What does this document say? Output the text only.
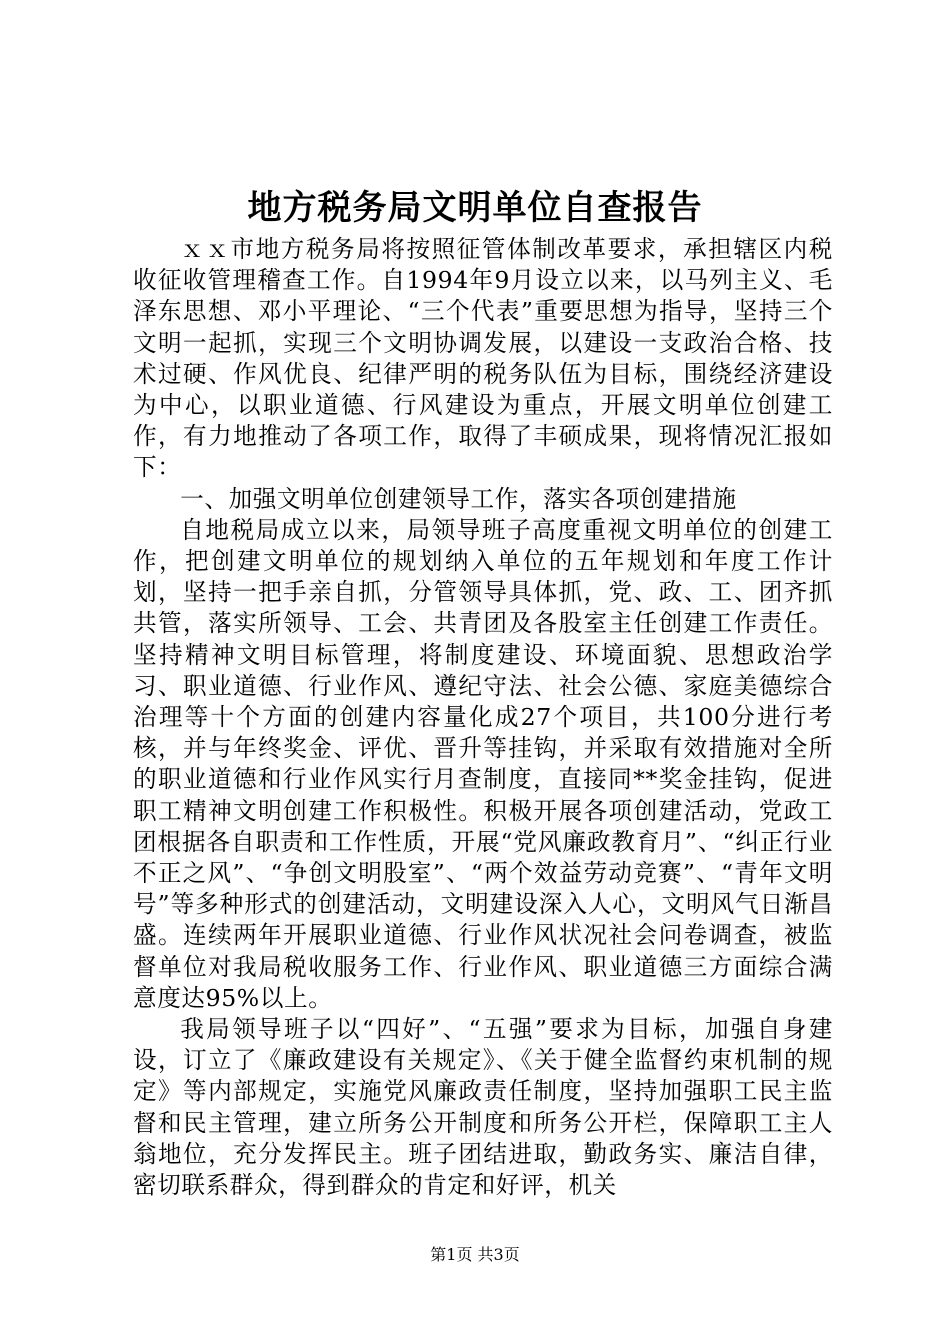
地方税务局文明单位自查报告

ｘｘ市地方税务局将按照征管体制改革要求，承担辖区内税收征收管理稽查工作。自1994年9月设立以来，以马列主义、毛泽东思想、邓小平理论、“三个代表”重要思想为指导，坚持三个文明一起抓，实现三个文明协调发展，以建设一支政治合格、技术过硬、作风优良、纪律严明的税务队伍为目标，围绕经济建设为中心，以职业道德、行风建设为重点，开展文明单位创建工作，有力地推动了各项工作，取得了丰硕成果，现将情况汇报如下：

一、加强文明单位创建领导工作，落实各项创建措施

自地税局成立以来，局领导班子高度重视文明单位的创建工作，把创建文明单位的规划纳入单位的五年规划和年度工作计划，坚持一把手亲自抓，分管领导具体抓，党、政、工、团齐抓共管，落实所领导、工会、共青团及各股室主任创建工作责任。坚持精神文明目标管理，将制度建设、环境面貌、思想政治学习、职业道德、行业作风、遵纪守法、社会公德、家庭美德综合治理等十个方面的创建内容量化成27个项目，共100分进行考核，并与年终奖金、评优、晋升等挂钩，并采取有效措施对全所的职业道德和行业作风实行月查制度，直接同**奖金挂钩，促进职工精神文明创建工作积极性。积极开展各项创建活动，党政工团根据各自职责和工作性质，开展“党风廉政教育月”、“纠正行业不正之风”、“争创文明股室”、“两个效益劳动竞赛”、“青年文明号”等多种形式的创建活动，文明建设深入人心，文明风气日渐昌盛。连续两年开展职业道德、行业作风状况社会问卷调查，被监督单位对我局税收服务工作、行业作风、职业道德三方面综合满意度达95%以上。

我局领导班子以“四好”、“五强”要求为目标，加强自身建设，订立了《廉政建设有关规定》、《关于健全监督约束机制的规定》等内部规定，实施党风廉政责任制度，坚持加强职工民主监督和民主管理，建立所务公开制度和所务公开栏，保障职工主人翁地位，充分发挥民主。班子团结进取，勤政务实、廉洁自律，密切联系群众，得到群众的肯定和好评，机关

第1页 共3页
